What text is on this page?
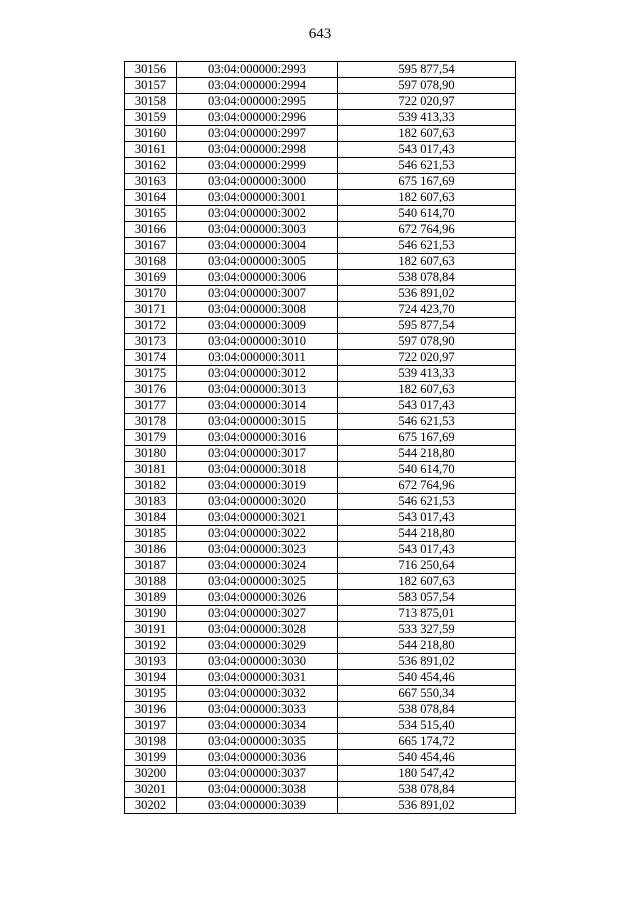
643
30156	03:04:000000:2993	595 877,54
30157	03:04:000000:2994	597 078,90
30158	03:04:000000:2995	722 020,97
30159	03:04:000000:2996	539 413,33
30160	03:04:000000:2997	182 607,63
30161	03:04:000000:2998	543 017,43
30162	03:04:000000:2999	546 621,53
30163	03:04:000000:3000	675 167,69
30164	03:04:000000:3001	182 607,63
30165	03:04:000000:3002	540 614,70
30166	03:04:000000:3003	672 764,96
30167	03:04:000000:3004	546 621,53
30168	03:04:000000:3005	182 607,63
30169	03:04:000000:3006	538 078,84
30170	03:04:000000:3007	536 891,02
30171	03:04:000000:3008	724 423,70
30172	03:04:000000:3009	595 877,54
30173	03:04:000000:3010	597 078,90
30174	03:04:000000:3011	722 020,97
30175	03:04:000000:3012	539 413,33
30176	03:04:000000:3013	182 607,63
30177	03:04:000000:3014	543 017,43
30178	03:04:000000:3015	546 621,53
30179	03:04:000000:3016	675 167,69
30180	03:04:000000:3017	544 218,80
30181	03:04:000000:3018	540 614,70
30182	03:04:000000:3019	672 764,96
30183	03:04:000000:3020	546 621,53
30184	03:04:000000:3021	543 017,43
30185	03:04:000000:3022	544 218,80
30186	03:04:000000:3023	543 017,43
30187	03:04:000000:3024	716 250,64
30188	03:04:000000:3025	182 607,63
30189	03:04:000000:3026	583 057,54
30190	03:04:000000:3027	713 875,01
30191	03:04:000000:3028	533 327,59
30192	03:04:000000:3029	544 218,80
30193	03:04:000000:3030	536 891,02
30194	03:04:000000:3031	540 454,46
30195	03:04:000000:3032	667 550,34
30196	03:04:000000:3033	538 078,84
30197	03:04:000000:3034	534 515,40
30198	03:04:000000:3035	665 174,72
30199	03:04:000000:3036	540 454,46
30200	03:04:000000:3037	180 547,42
30201	03:04:000000:3038	538 078,84
30202	03:04:000000:3039	536 891,02
